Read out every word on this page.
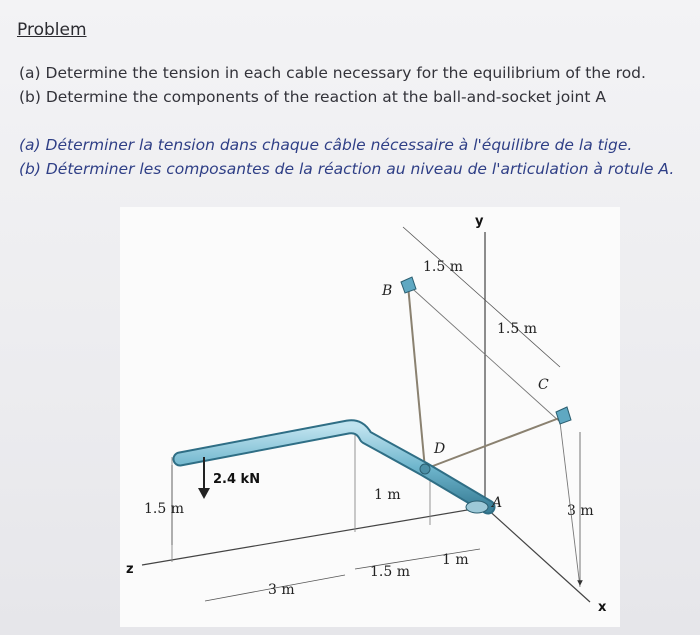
Problem
(a) Determine the tension in each cable necessary for the equilibrium of the rod.
(b) Determine the components of the reaction at the ball-and-socket joint A
(a) Déterminer la tension dans chaque câble nécessaire à l'équilibre de la tige.
(b) Déterminer les composantes de la réaction au niveau de l'articulation à rotule A.
y
x
z
1.5 m
1.5 m
3 m
1.5 m
1 m
3 m
1.5 m
1 m
B
C
D
A
2.4 kN
